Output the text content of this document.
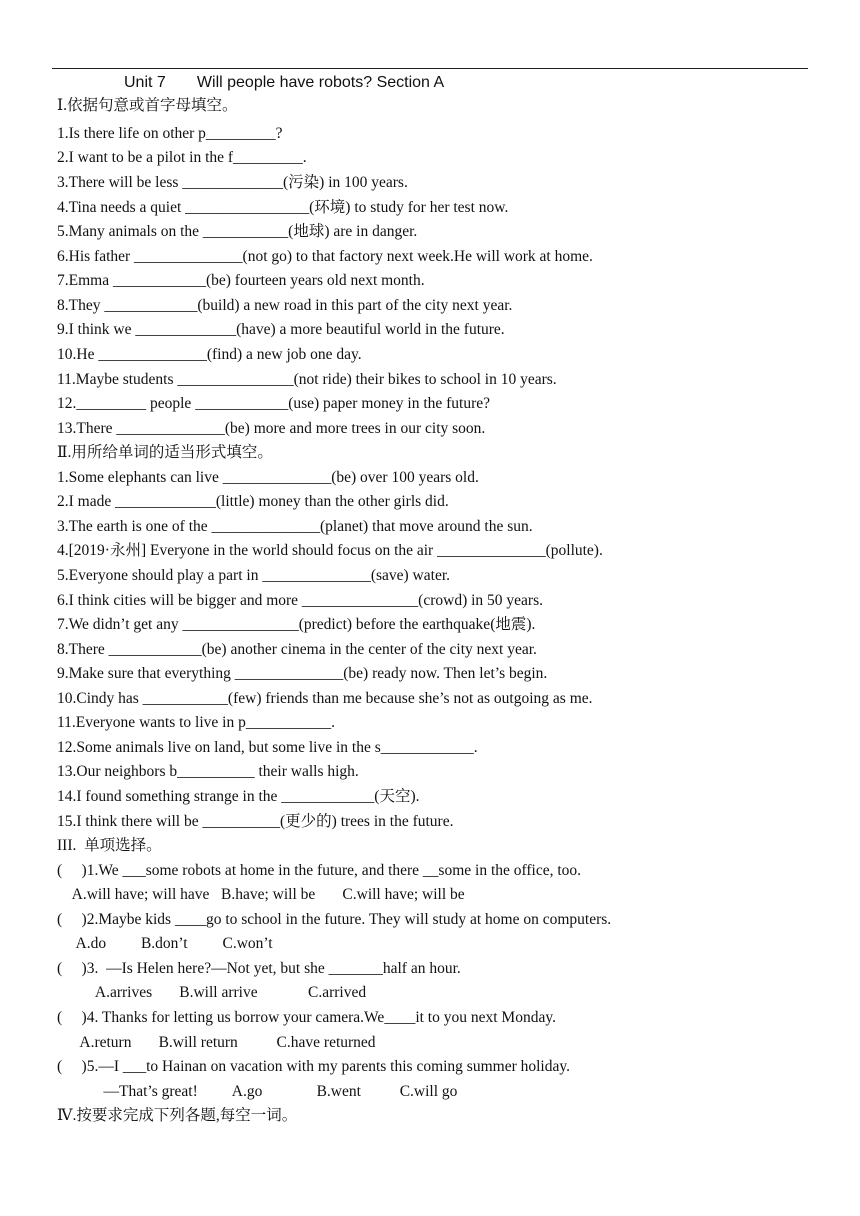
Unit 7       Will people have robots? Section A
Ⅰ.依据句意或首字母填空。
1.Is there life on other p_________?
2.I want to be a pilot in the f_________.
3.There will be less _____________(污染) in 100 years.
4.Tina needs a quiet ________________(环境) to study for her test now.
5.Many animals on the ___________(地球) are in danger.
6.His father ______________(not go) to that factory next week.He will work at home.
7.Emma ____________(be) fourteen years old next month.
8.They ____________(build) a new road in this part of the city next year.
9.I think we _____________(have) a more beautiful world in the future.
10.He ______________(find) a new job one day.
11.Maybe students _______________(not ride) their bikes to school in 10 years.
12._________ people ____________(use) paper money in the future?
13.There ______________(be) more and more trees in our city soon.
Ⅱ.用所给单词的适当形式填空。
1.Some elephants can live ______________(be) over 100 years old.
2.I made _____________(little) money than the other girls did.
3.The earth is one of the ______________(planet) that move around the sun.
4.[2019·永州] Everyone in the world should focus on the air ______________(pollute).
5.Everyone should play a part in ______________(save) water.
6.I think cities will be bigger and more _______________(crowd) in 50 years.
7.We didn’t get any _______________(predict) before the earthquake(地震).
8.There ____________(be) another cinema in the center of the city next year.
9.Make sure that everything ______________(be) ready now. Then let’s begin.
10.Cindy has ___________(few) friends than me because she’s not as outgoing as me.
11.Everyone wants to live in p___________.
12.Some animals live on land, but some live in the s____________.
13.Our neighbors b__________ their walls high.
14.I found something strange in the ____________(天空).
15.I think there will be __________(更少的) trees in the future.
III.  单项选择。
(     )1.We ___some robots at home in the future, and there __some in the office, too.
A.will have; will have   B.have; will be       C.will have; will be
(     )2.Maybe kids ____go to school in the future. They will study at home on computers.
A.do         B.don’t         C.won’t
(     )3.  —Is Helen here?—Not yet, but she _______half an hour.
A.arrives       B.will arrive             C.arrived
(     )4. Thanks for letting us borrow your camera.We____it to you next Monday.
A.return       B.will return          C.have returned
(     )5.—I ___to Hainan on vacation with my parents this coming summer holiday.
—That’s great!         A.go              B.went          C.will go
Ⅳ.按要求完成下列各题,每空一词。
